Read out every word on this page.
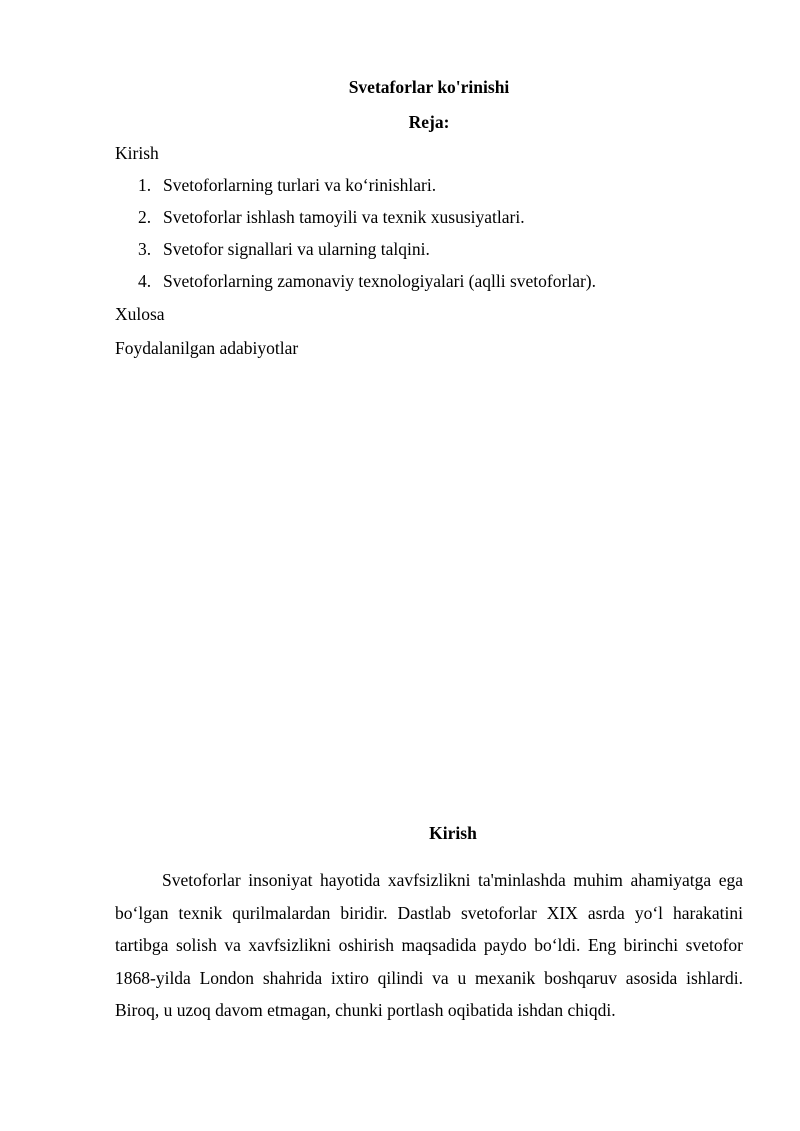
Svetaforlar ko'rinishi
Reja:
Kirish
1. Svetoforlarning turlari va ko‘rinishlari.
2. Svetoforlar ishlash tamoyili va texnik xususiyatlari.
3. Svetofor signallari va ularning talqini.
4. Svetoforlarning zamonaviy texnologiyalari (aqlli svetoforlar).
Xulosa
Foydalanilgan adabiyotlar
Kirish

Svetoforlar insoniyat hayotida xavfsizlikni ta'minlashda muhim ahamiyatga ega bo‘lgan texnik qurilmalardan biridir. Dastlab svetoforlar XIX asrda yo‘l harakatini tartibga solish va xavfsizlikni oshirish maqsadida paydo bo‘ldi. Eng birinchi svetofor 1868-yilda London shahrida ixtiro qilindi va u mexanik boshqaruv asosida ishlardi. Biroq, u uzoq davom etmagan, chunki portlash oqibatida ishdan chiqdi.
